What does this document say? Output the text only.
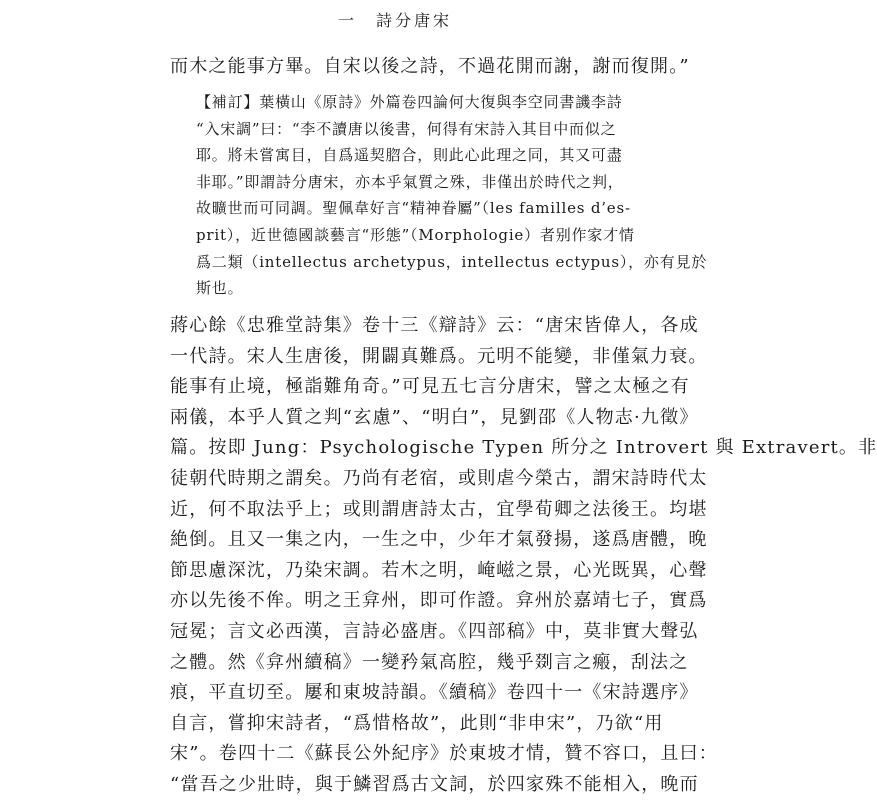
一　詩分唐宋
而木之能事方畢。自宋以後之詩，不過花開而謝，謝而復開。”
【補訂】葉橫山《原詩》外篇卷四論何大復與李空同書譏李詩
“入宋調”曰：“李不讀唐以後書，何得有宋詩入其目中而似之
耶。將未嘗寓目，自爲遥契脗合，則此心此理之同，其又可盡
非耶。”即謂詩分唐宋，亦本乎氣質之殊，非僅出於時代之判，
故曠世而可同調。聖佩韋好言“精神眷屬”（les familles d’es-
prit），近世德國談藝言“形態”（Morphologie）者别作家才情
爲二類（intellectus archetypus，intellectus ectypus），亦有見於
斯也。
蔣心餘《忠雅堂詩集》卷十三《辯詩》云：“唐宋皆偉人，各成
一代詩。宋人生唐後，開闢真難爲。元明不能變，非僅氣力衰。
能事有止境，極詣難角奇。”可見五七言分唐宋，譬之太極之有
兩儀，本乎人質之判“玄慮”、“明白”，見劉邵《人物志·九徵》
篇。按即 Jung：Psychologische Typen 所分之 Introvert 與 Extravert。非
徒朝代時期之謂矣。乃尚有老宿，或則虐今榮古，謂宋詩時代太
近，何不取法乎上；或則謂唐詩太古，宜學荀卿之法後王。均堪
絶倒。且又一集之内，一生之中，少年才氣發揚，遂爲唐體，晚
節思慮深沈，乃染宋調。若木之明，崦嵫之景，心光既異，心聲
亦以先後不侔。明之王弇州，即可作證。弇州於嘉靖七子，實爲
冠冕；言文必西漢，言詩必盛唐。《四部稿》中，莫非實大聲弘
之體。然《弇州續稿》一變矜氣高腔，幾乎剟言之瘢，刮法之
痕，平直切至。屢和東坡詩韻。《續稿》卷四十一《宋詩選序》
自言，嘗抑宋詩者，“爲惜格故”，此則“非申宋”，乃欲“用
宋”。卷四十二《蘇長公外紀序》於東坡才情，贊不容口，且曰：
“當吾之少壯時，與于鱗習爲古文詞，於四家殊不能相入，晚而
